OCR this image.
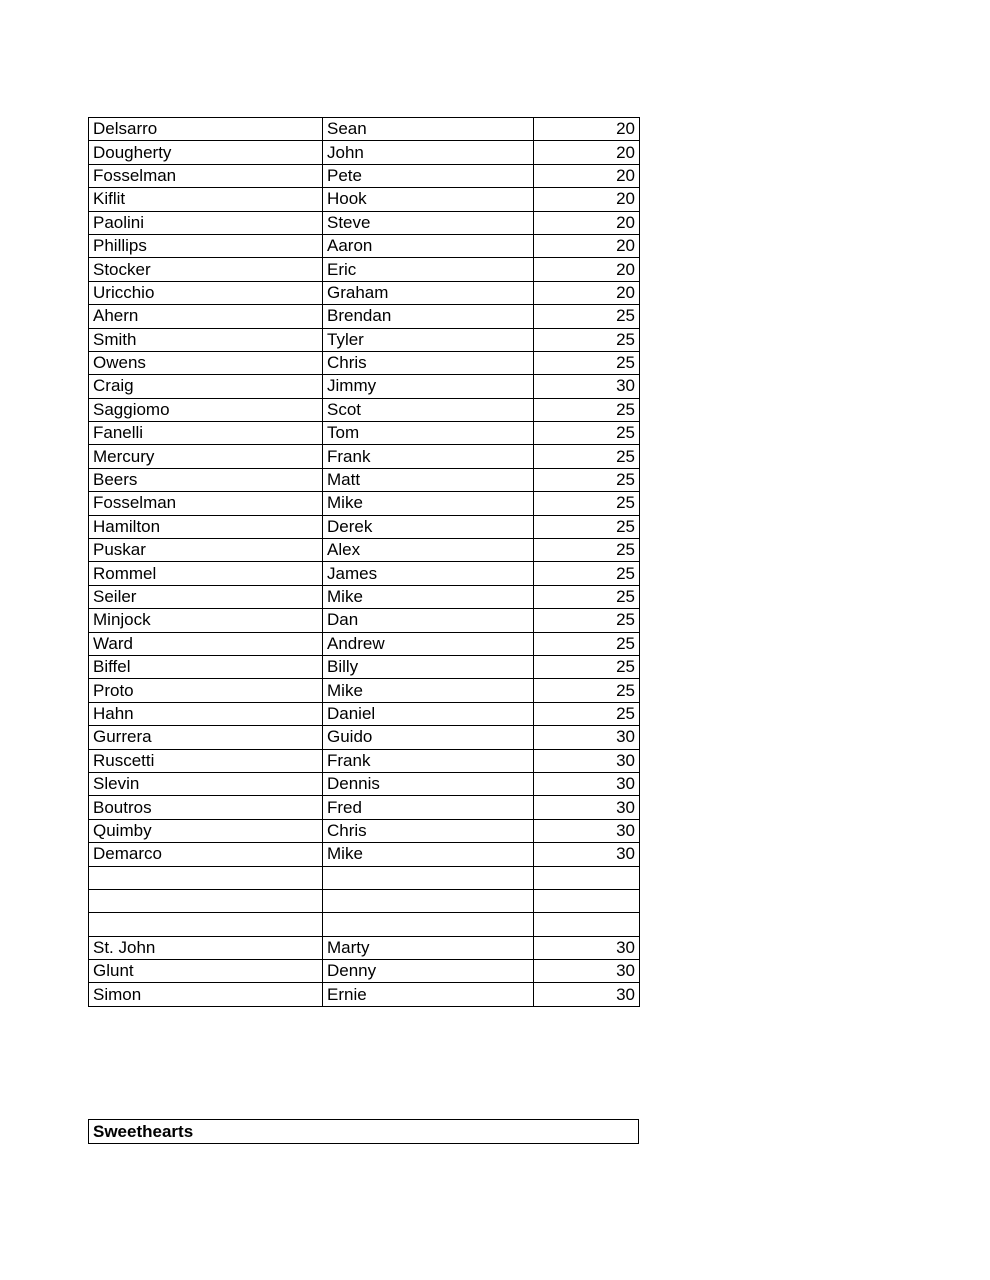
Delsarro	Sean	20
Dougherty	John	20
Fosselman	Pete	20
Kiflit	Hook	20
Paolini	Steve	20
Phillips	Aaron	20
Stocker	Eric	20
Uricchio	Graham	20
Ahern	Brendan	25
Smith	Tyler	25
Owens	Chris	25
Craig	Jimmy	30
Saggiomo	Scot	25
Fanelli	Tom	25
Mercury	Frank	25
Beers	Matt	25
Fosselman	Mike	25
Hamilton	Derek	25
Puskar	Alex	25
Rommel	James	25
Seiler	Mike	25
Minjock	Dan	25
Ward	Andrew	25
Biffel	Billy	25
Proto	Mike	25
Hahn	Daniel	25
Gurrera	Guido	30
Ruscetti	Frank	30
Slevin	Dennis	30
Boutros	Fred	30
Quimby	Chris	30
Demarco	Mike	30

St. John	Marty	30
Glunt	Denny	30
Simon	Ernie	30
Sweethearts
